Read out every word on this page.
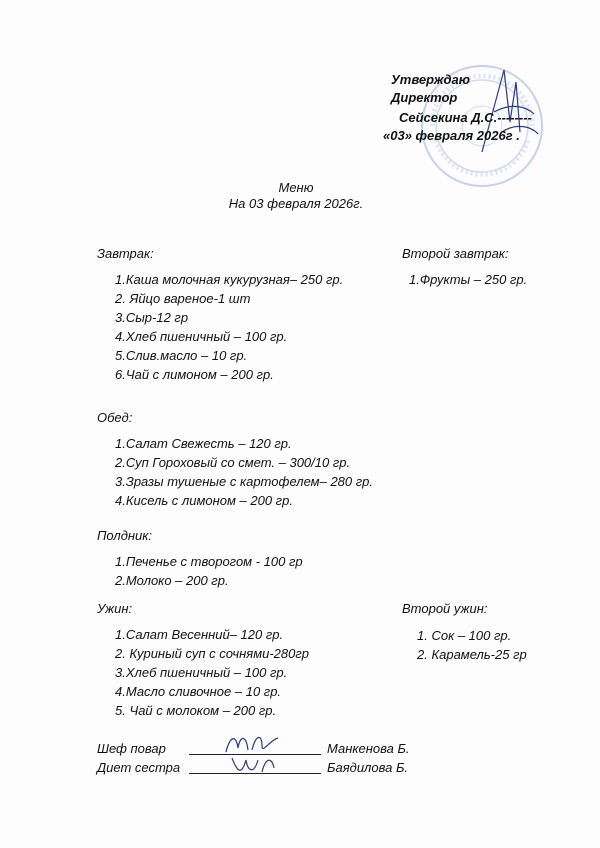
Утверждаю
Директор
Сейсекина Д.С.--------
«03» февраля 2026г .
Меню
На 03 февраля 2026г.
Завтрак:
1.Каша молочная кукурузная– 250 гр.
2. Яйцо вареное-1 шт
3.Сыр-12 гр
4.Хлеб пшеничный – 100 гр.
5.Слив.масло – 10 гр.
6.Чай с лимоном – 200 гр.
Второй завтрак:
1.Фрукты – 250 гр.
Обед:
1.Салат Свежесть – 120 гр.
2.Суп Гороховый со смет. – 300/10 гр.
3.Зразы тушеные с картофелем– 280 гр.
4.Кисель с лимоном – 200 гр.
Полдник:
1.Печенье с творогом - 100 гр
2.Молоко – 200 гр.
Ужин:
1.Салат Весенний– 120 гр.
2. Куриный суп с сочнями-280гр
3.Хлеб пшеничный – 100 гр.
4.Масло сливочное – 10 гр.
5. Чай с молоком – 200 гр.
Второй ужин:
1. Сок – 100 гр.
2. Карамель-25 гр
Шеф повар	Манкенова Б.
Диет сестра	Баядилова Б.
